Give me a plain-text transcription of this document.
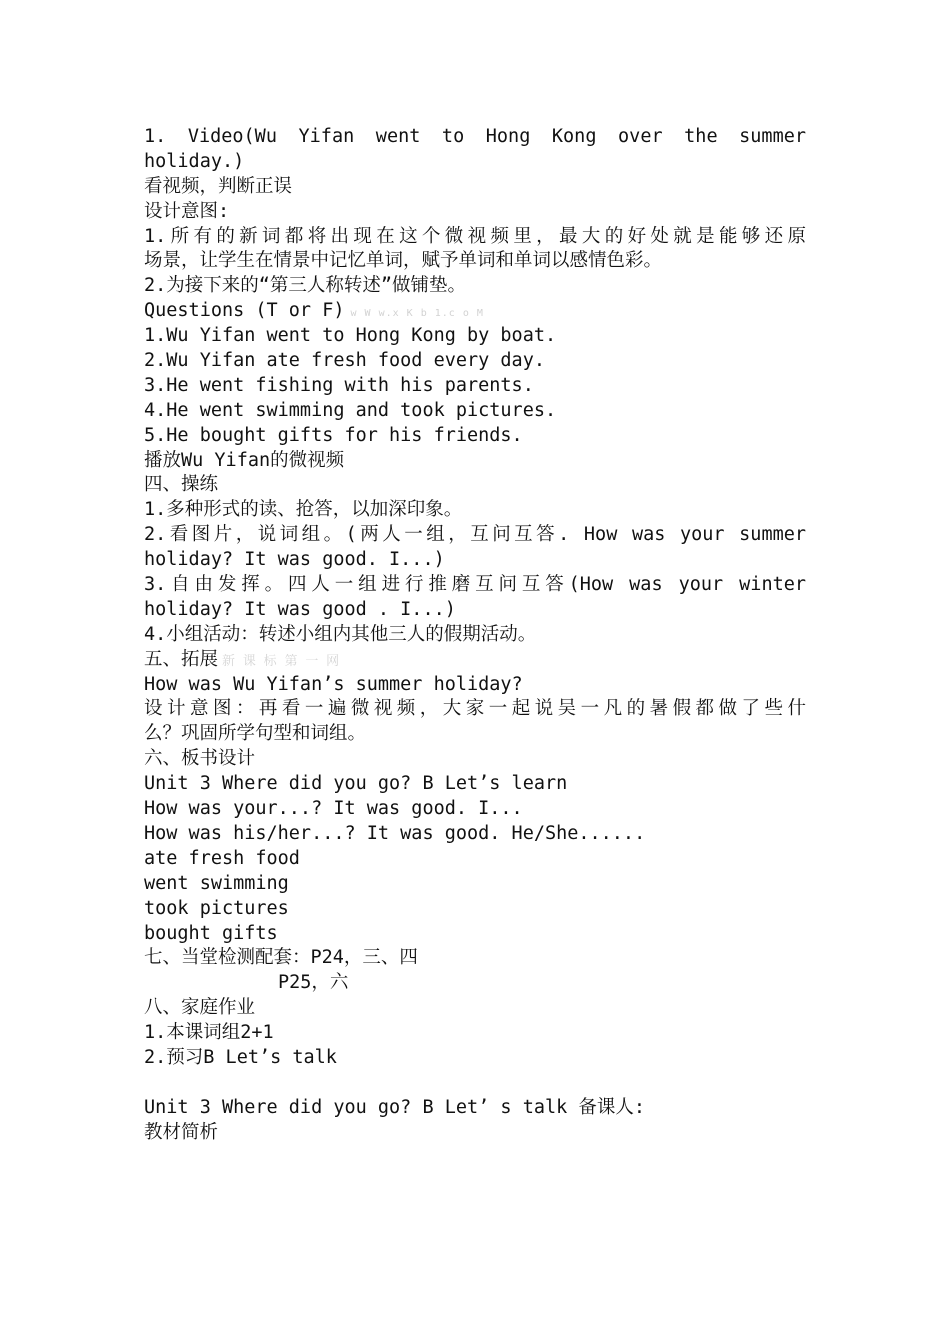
1. Video(Wu Yifan went to Hong Kong over the summer
holiday.)
看视频，判断正误
设计意图:
1.所有的新词都将出现在这个微视频里，最大的好处就是能够还原
场景，让学生在情景中记忆单词，赋予单词和单词以感情色彩。
2.为接下来的“第三人称转述”做铺垫。
Questions (T or F) w W w.x K b 1.c o M
1.Wu Yifan went to Hong Kong by boat.
2.Wu Yifan ate fresh food every day.
3.He went fishing with his parents.
4.He went swimming and took pictures.
5.He bought gifts for his friends.
播放Wu Yifan的微视频
四、操练
1.多种形式的读、抢答，以加深印象。
2.看图片，说词组。(两人一组，互问互答. How was your summer
holiday? It was good. I...)
3.自由发挥。四人一组进行推磨互问互答(How was your winter
holiday? It was good . I...)
4.小组活动：转述小组内其他三人的假期活动。
五、拓展 新 课 标 第 一 网
How was Wu Yifan’s summer holiday?
设计意图：再看一遍微视频，大家一起说吴一凡的暑假都做了些什
么？巩固所学句型和词组。
六、板书设计
Unit 3 Where did you go? B Let’s learn
How was your...? It was good. I...
How was his/her...? It was good. He/She......
ate fresh food
went swimming
took pictures
bought gifts
七、当堂检测配套：P24，三、四
P25，六
八、家庭作业
1.本课词组2+1
2.预习B Let’s talk
Unit 3 Where did you go? B Let’ s talk 备课人:
教材简析
